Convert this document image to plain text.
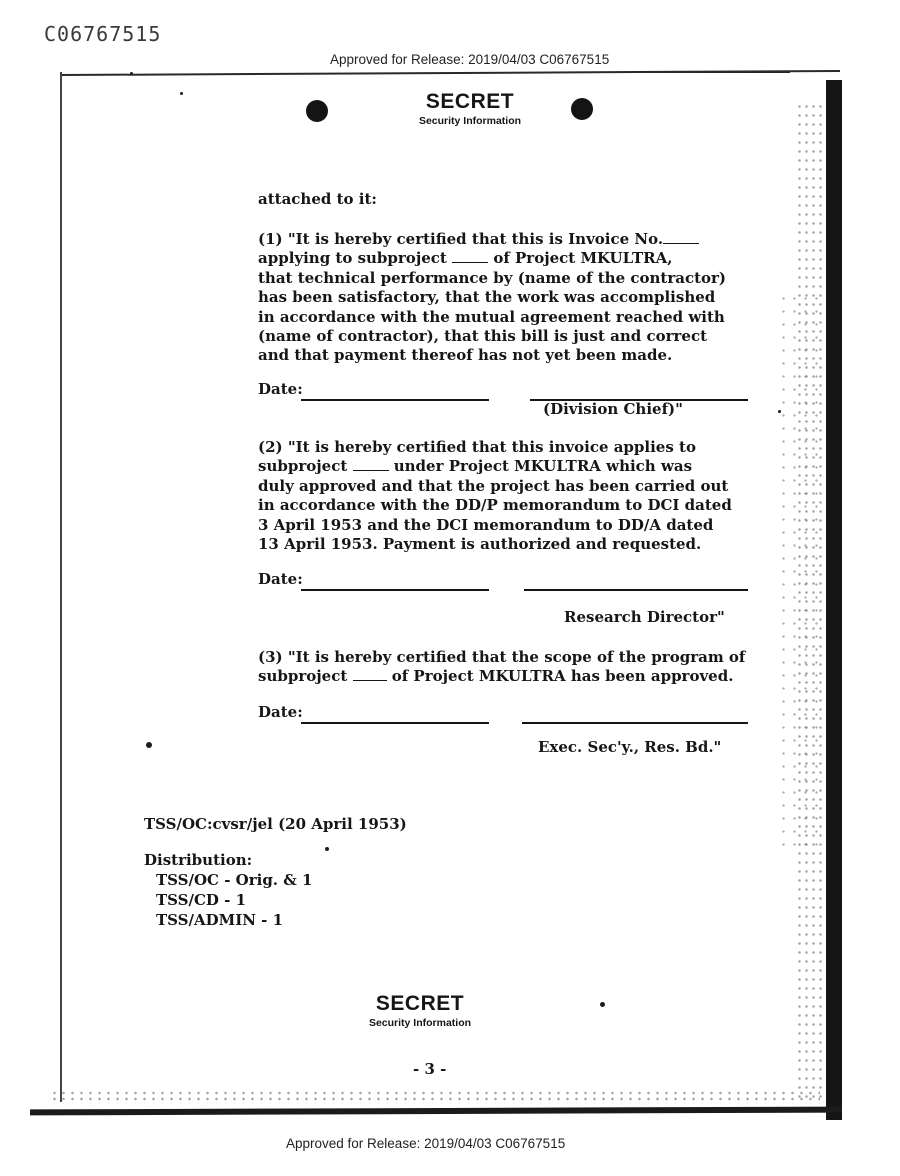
C06767515
Approved for Release: 2019/04/03 C06767515
SECRET
Security Information
attached to it:

(1) "It is hereby certified that this is Invoice No.

applying to subproject	of Project MKULTRA,

that technical performance by (name of the contractor)

has been satisfactory, that the work was accomplished

in accordance with the mutual agreement reached with

(name of contractor), that this bill is just and correct

and that payment thereof has not yet been made.

Date:
(Division Chief)"

(2) "It is hereby certified that this invoice applies to

subproject	under Project MKULTRA which was

duly approved and that the project has been carried out

in accordance with the DD/P memorandum to DCI dated

3 April 1953 and the DCI memorandum to DD/A dated

13 April 1953. Payment is authorized and requested.

Date:
Research Director"

(3) "It is hereby certified that the scope of the program of

subproject	of Project MKULTRA has been approved.

Date:
Exec. Sec'y., Res. Bd."
TSS/OC:cvsr/jel (20 April 1953)
Distribution:
TSS/OC - Orig. & 1
TSS/CD - 1
TSS/ADMIN - 1
SECRET
Security Information
- 3 -
Approved for Release: 2019/04/03 C06767515
